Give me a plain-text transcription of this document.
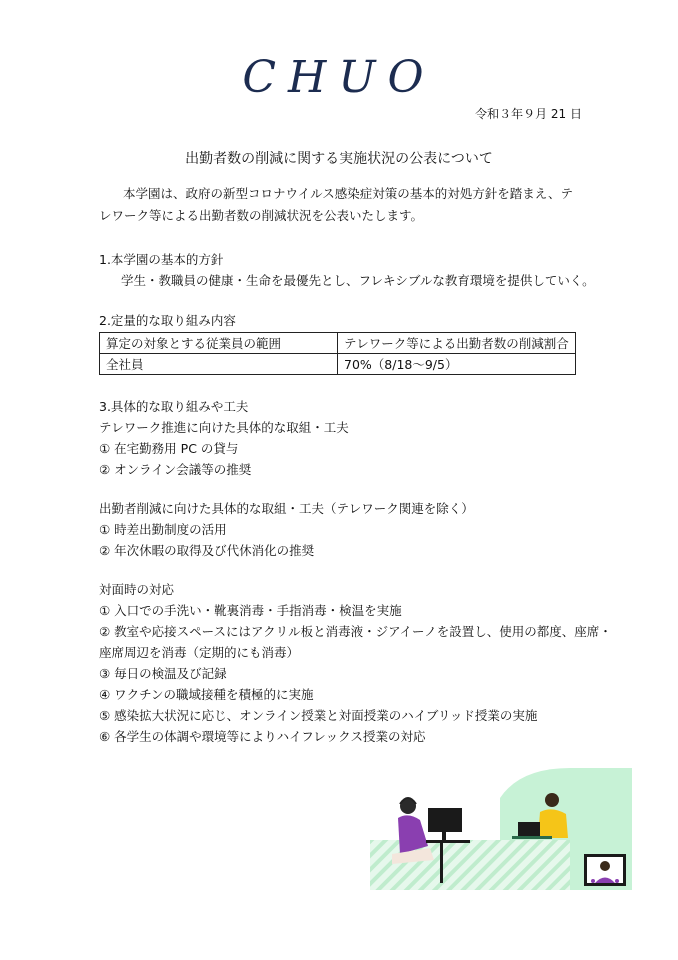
CHUO
令和３年９月 21 日
出勤者数の削減に関する実施状況の公表について
本学園は、政府の新型コロナウイルス感染症対策の基本的対処方針を踏まえ、テレワーク等による出勤者数の削減状況を公表いたします。
1.本学園の基本的方針
学生・教職員の健康・生命を最優先とし、フレキシブルな教育環境を提供していく。
2.定量的な取り組み内容
算定の対象とする従業員の範囲	テレワーク等による出勤者数の削減割合
全社員	70%（8/18〜9/5）
3.具体的な取り組みや工夫
テレワーク推進に向けた具体的な取組・工夫
① 在宅勤務用 PC の貸与
② オンライン会議等の推奨
出勤者削減に向けた具体的な取組・工夫（テレワーク関連を除く）
① 時差出勤制度の活用
② 年次休暇の取得及び代休消化の推奨
対面時の対応
① 入口での手洗い・靴裏消毒・手指消毒・検温を実施
② 教室や応接スペースにはアクリル板と消毒液・ジアイーノを設置し、使用の都度、座席・
座席周辺を消毒（定期的にも消毒）
③ 毎日の検温及び記録
④ ワクチンの職域接種を積極的に実施
⑤ 感染拡大状況に応じ、オンライン授業と対面授業のハイブリッド授業の実施
⑥ 各学生の体調や環境等によりハイフレックス授業の対応
